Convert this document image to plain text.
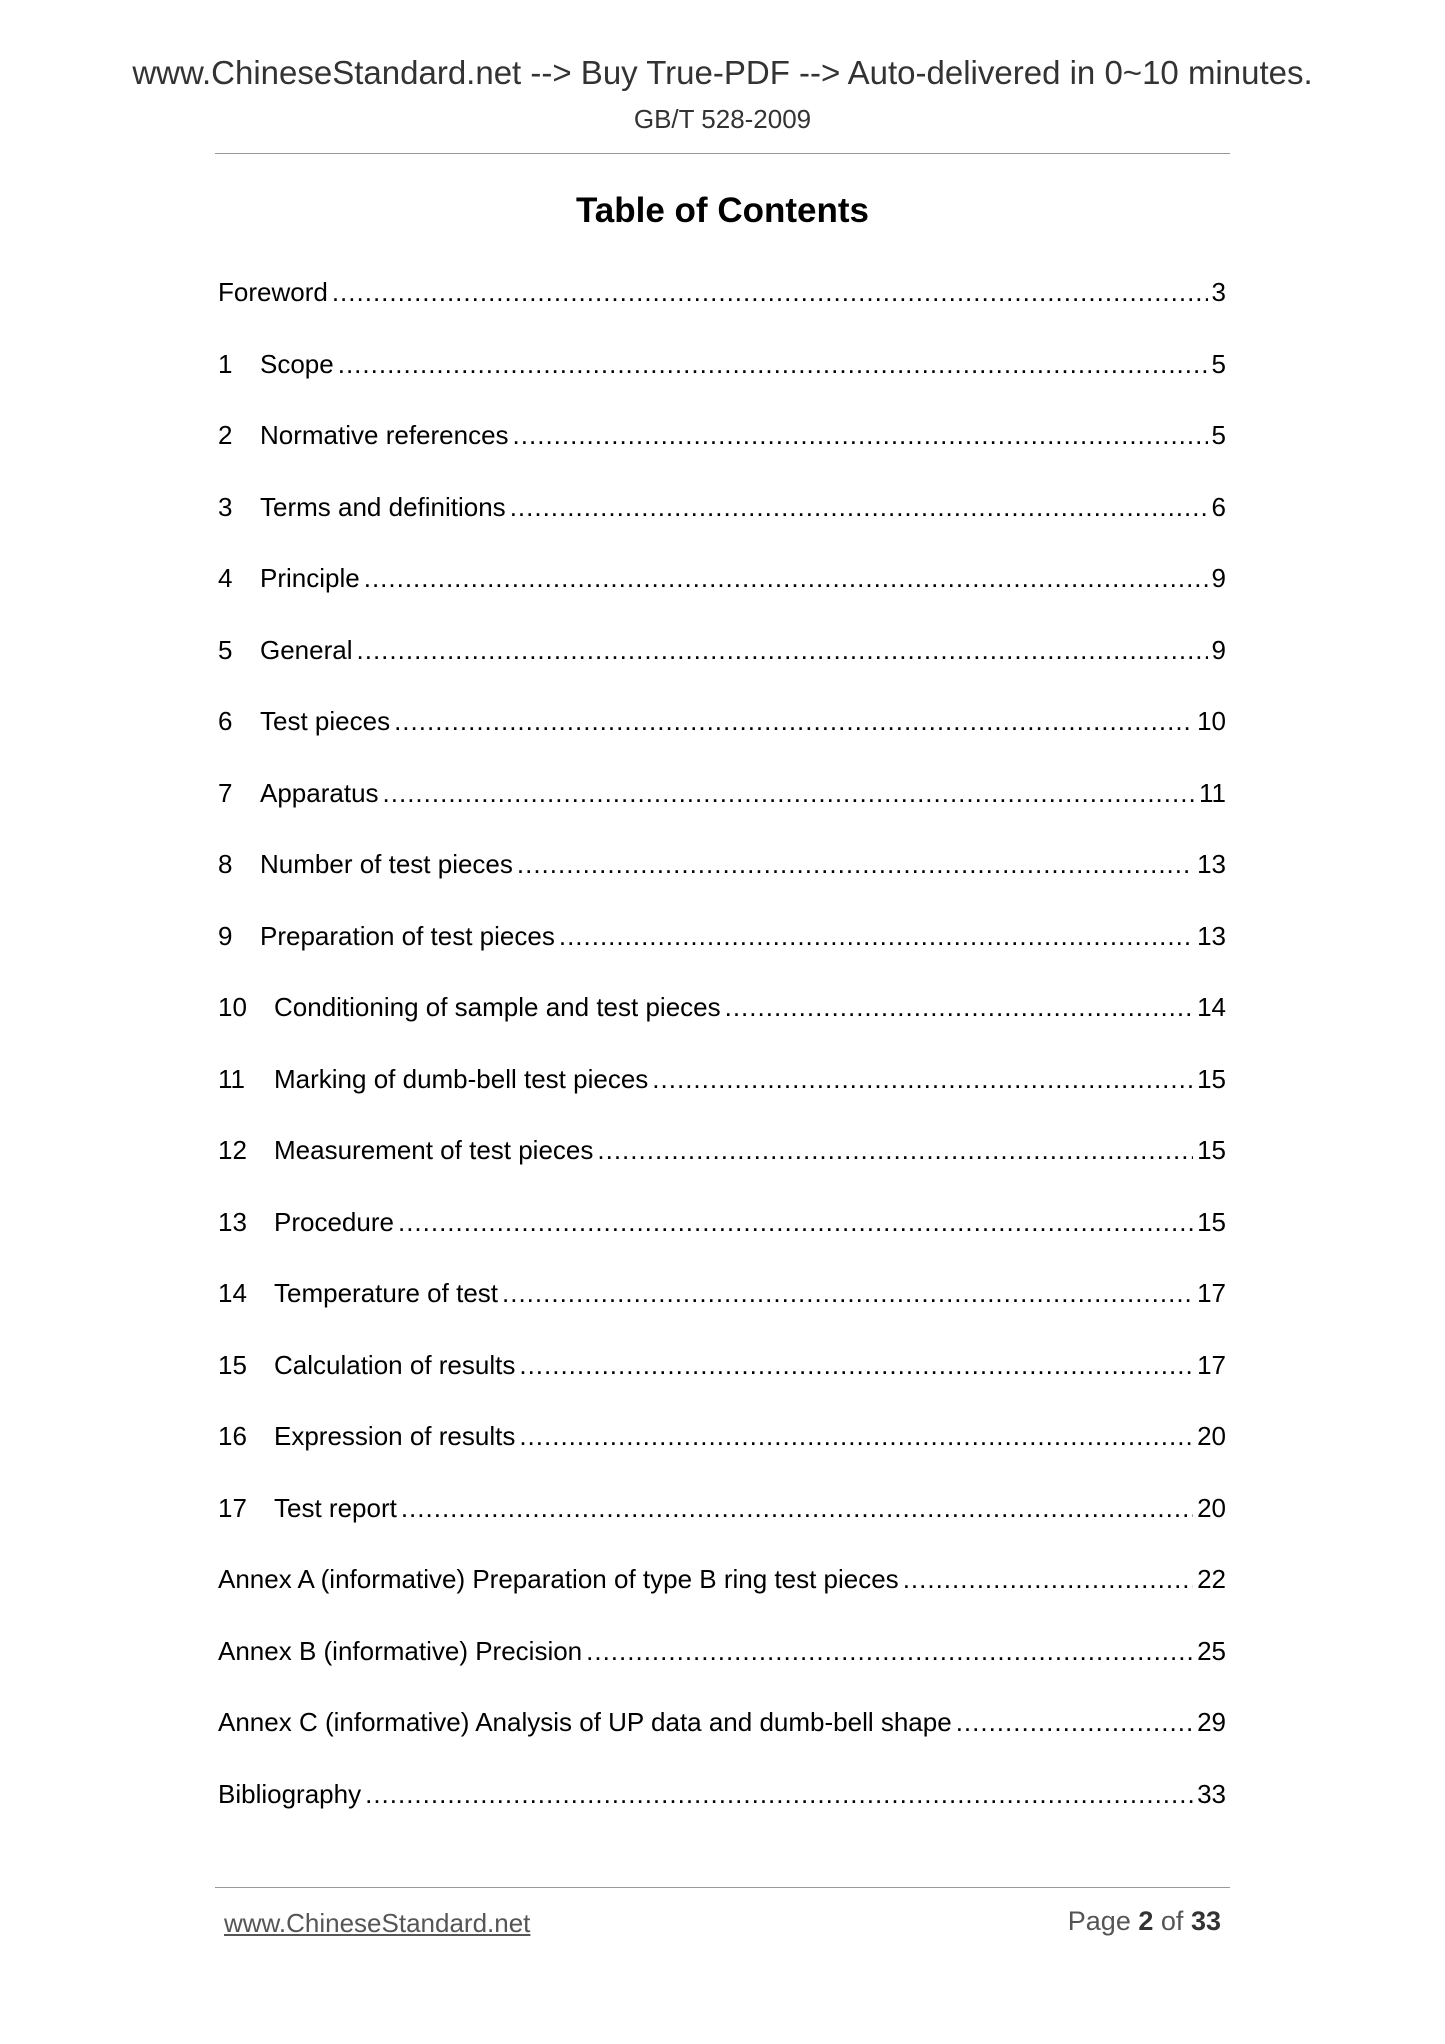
www.ChineseStandard.net --> Buy True-PDF --> Auto-delivered in 0~10 minutes.
GB/T 528-2009
Table of Contents
Foreword .....	3
1	Scope .....	5
2	Normative references .....	5
3	Terms and definitions .....	6
4	Principle .....	9
5	General .....	9
6	Test pieces .....	10
7	Apparatus .....	11
8	Number of test pieces .....	13
9	Preparation of test pieces .....	13
10	Conditioning of sample and test pieces .....	14
11	Marking of dumb-bell test pieces .....	15
12	Measurement of test pieces .....	15
13	Procedure .....	15
14	Temperature of test .....	17
15	Calculation of results .....	17
16	Expression of results .....	20
17	Test report .....	20
Annex A (informative) Preparation of type B ring test pieces .....	22
Annex B (informative) Precision .....	25
Annex C (informative) Analysis of UP data and dumb-bell shape .....	29
Bibliography .....	33
www.ChineseStandard.net	Page 2 of 33
